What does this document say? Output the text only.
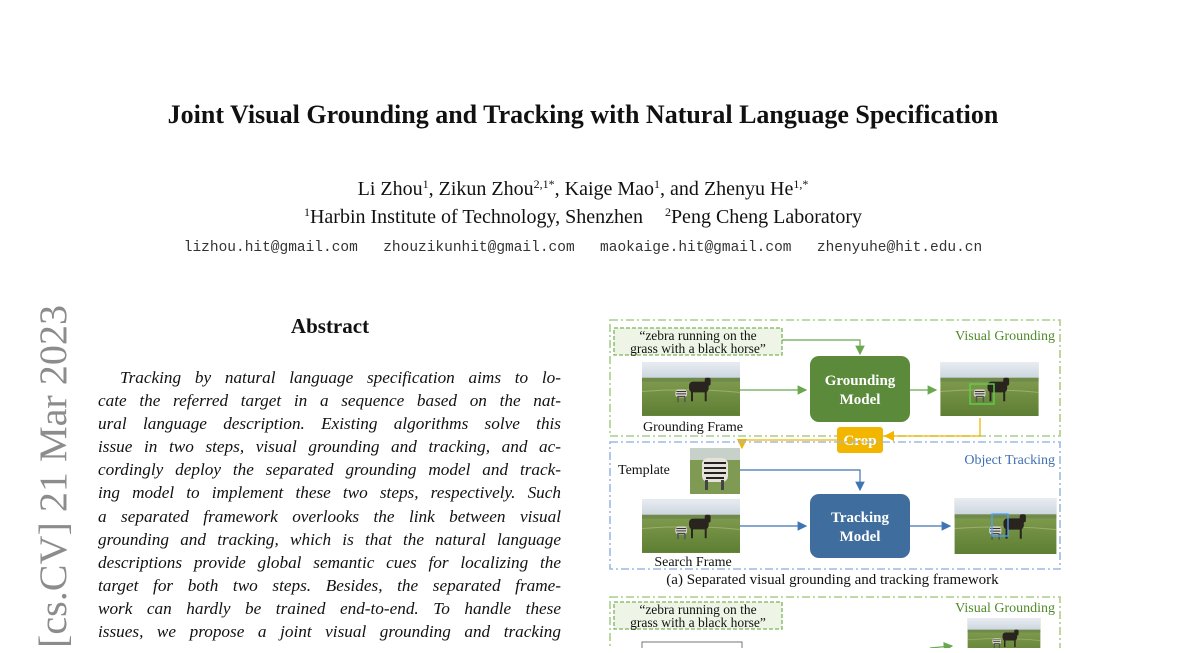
Joint Visual Grounding and Tracking with Natural Language Specification
Li Zhou$^1$, Zikun Zhou$^{2,1*}$, Kaige Mao$^1$, and Zhenyu $He^{1,*}$
$^1$Harbin Institute of Technology, Shenzhen $^2$Peng Cheng Laboratory
lizhou.hit@gmail.com  zhouzikunhit@gmail.com  maokaige.hit@gmail.com  zhenyuhe@hit.edu.cn
[cs.CV] 21 Mar 2023	Abstract
Tracking by natural language specification aims to lo-
cate the referred target in a sequence based on the nat-
ural language description. Existing algorithms solve this
issue in two steps, visual grounding and tracking, and ac-
cordingly deploy the separated grounding model and track-
ing model to implement these two steps, respectively. Such
a separated framework overlooks the link between visual
grounding and tracking, which is that the natural language
descriptions provide global semantic cues for localizing the
target for both two steps. Besides, the separated frame-
work can hardly be trained end-to-end. To handle these
issues, we propose a joint visual grounding and tracking
Visual Grounding
“zebra running on the
grass with a black horse”
Grounding Frame
Grounding
Model
Crop
Object Tracking
Template
Search Frame
Tracking
Model
Visual Grounding
“zebra running on the
grass with a black horse”
(a) Separated visual grounding and tracking framework
